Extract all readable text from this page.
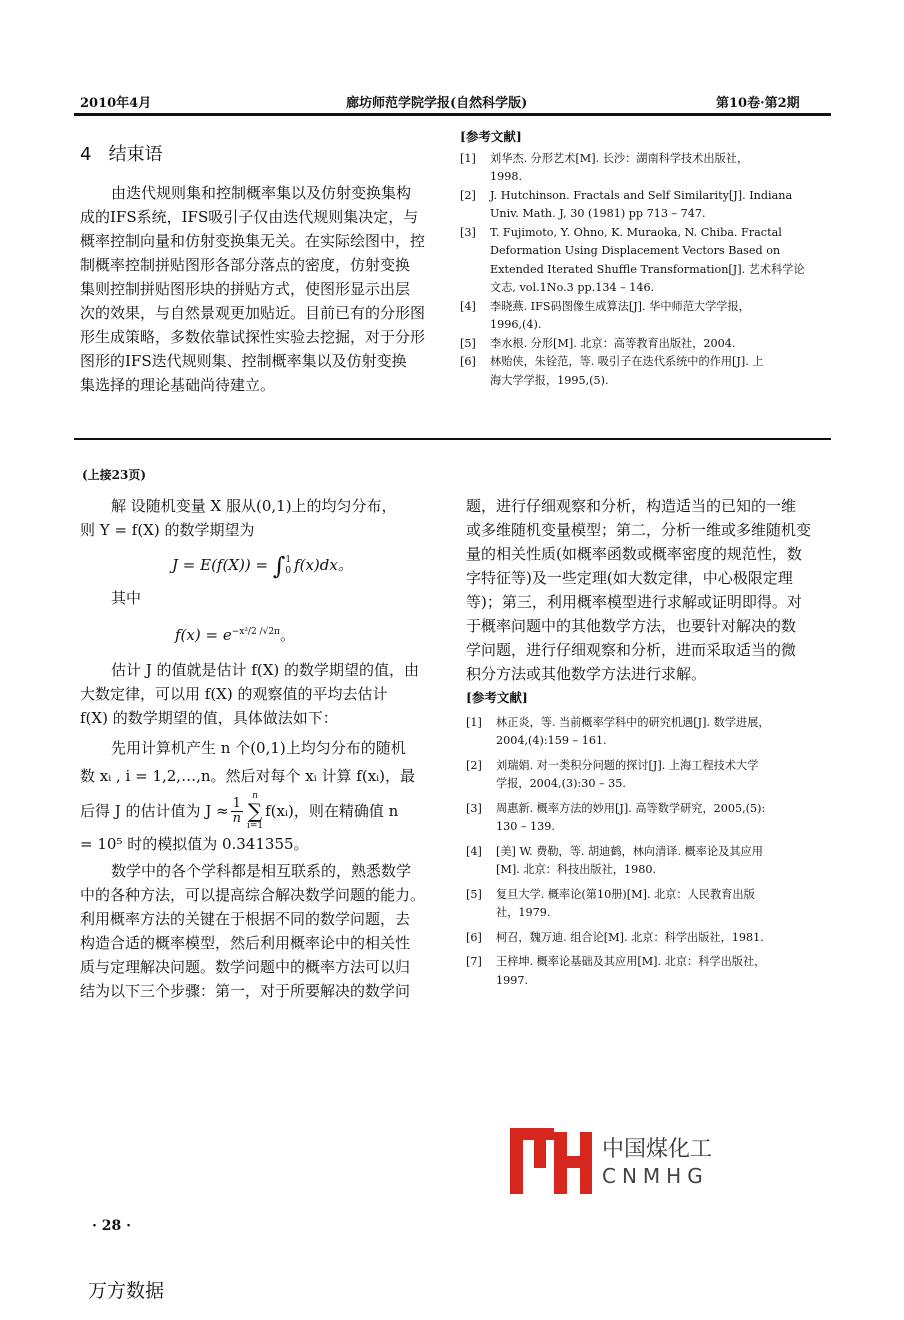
2010年4月	廊坊师范学院学报(自然科学版)	第10卷·第2期
4   结束语

由迭代规则集和控制概率集以及仿射变换集构

成的IFS系统，IFS吸引子仅由迭代规则集决定，与

概率控制向量和仿射变换集无关。在实际绘图中，控

制概率控制拼贴图形各部分落点的密度，仿射变换

集则控制拼贴图形块的拼贴方式，使图形显示出层

次的效果，与自然景观更加贴近。目前已有的分形图

形生成策略，多数依靠试探性实验去挖掘，对于分形

图形的IFS迭代规则集、控制概率集以及仿射变换

集选择的理论基础尚待建立。

[参考文献]
[1]	刘华杰. 分形艺术[M]. 长沙：湖南科学技术出版社，
1998.
[2]	J. Hutchinson. Fractals and Self Similarity[J]. Indiana
Univ. Math. J, 30 (1981) pp 713 – 747.
[3]	T. Fujimoto, Y. Ohno, K. Muraoka, N. Chiba. Fractal
Deformation Using Displacement Vectors Based on
Extended Iterated Shuffle Transformation[J]. 艺术科学论
文志, vol.1No.3 pp.134 – 146.
[4]	李晓燕. IFS码图像生成算法[J]. 华中师范大学学报，
1996,(4).
[5]	李水根. 分形[M]. 北京：高等教育出版社，2004.
[6]	林贻侠，朱铨范，等. 吸引子在迭代系统中的作用[J]. 上
海大学学报，1995,(5).
(上接23页)

解 设随机变量 X 服从(0,1)上的均匀分布，

则 Y = f(X) 的数学期望为

J = E(f(X)) = ∫ 1
0 f(x)dx。

其中

$f(x) = e^{-x^2/2 /√2\pi}$。

估计 J 的值就是估计 f(X) 的数学期望的值，由

大数定律，可以用 f(X) 的观察值的平均去估计

f(X) 的数学期望的值，具体做法如下：

先用计算机产生 n 个(0,1)上均匀分布的随机

数 xᵢ , i = 1,2,…,n。然后对每个 xᵢ 计算 f(xᵢ)，最

后得 J 的估计值为 $J \approx \frac{1}{n}$
n
∑
i=1
f(xᵢ)，则在精确值 n

= 10⁵ 时的模拟值为 0.341355。

数学中的各个学科都是相互联系的，熟悉数学

中的各种方法，可以提高综合解决数学问题的能力。

利用概率方法的关键在于根据不同的数学问题，去

构造合适的概率模型，然后利用概率论中的相关性

质与定理解决问题。数学问题中的概率方法可以归

结为以下三个步骤：第一，对于所要解决的数学问

题，进行仔细观察和分析，构造适当的已知的一维

或多维随机变量模型；第二，分析一维或多维随机变

量的相关性质(如概率函数或概率密度的规范性，数

字特征等)及一些定理(如大数定律，中心极限定理

等)；第三，利用概率模型进行求解或证明即得。对

于概率问题中的其他数学方法，也要针对解决的数

学问题，进行仔细观察和分析，进而采取适当的微

积分方法或其他数学方法进行求解。

[参考文献]
[1]	林正炎，等. 当前概率学科中的研究机遇[J]. 数学进展，
2004,(4):159 – 161.
[2]	刘瑞娟. 对一类积分问题的探讨[J]. 上海工程技术大学
学报，2004,(3):30 – 35.
[3]	周惠新. 概率方法的妙用[J]. 高等数学研究，2005,(5):
130 – 139.
[4]	[美] W. 费勒，等. 胡迪鹤，林向清译. 概率论及其应用
[M]. 北京：科技出版社，1980.
[5]	复旦大学. 概率论(第10册)[M]. 北京：人民教育出版
社，1979.
[6]	柯召，魏万迪. 组合论[M]. 北京：科学出版社，1981.
[7]	王梓坤. 概率论基础及其应用[M]. 北京：科学出版社，
1997.
中国煤化工
CNMHG
· 28 ·
万方数据
